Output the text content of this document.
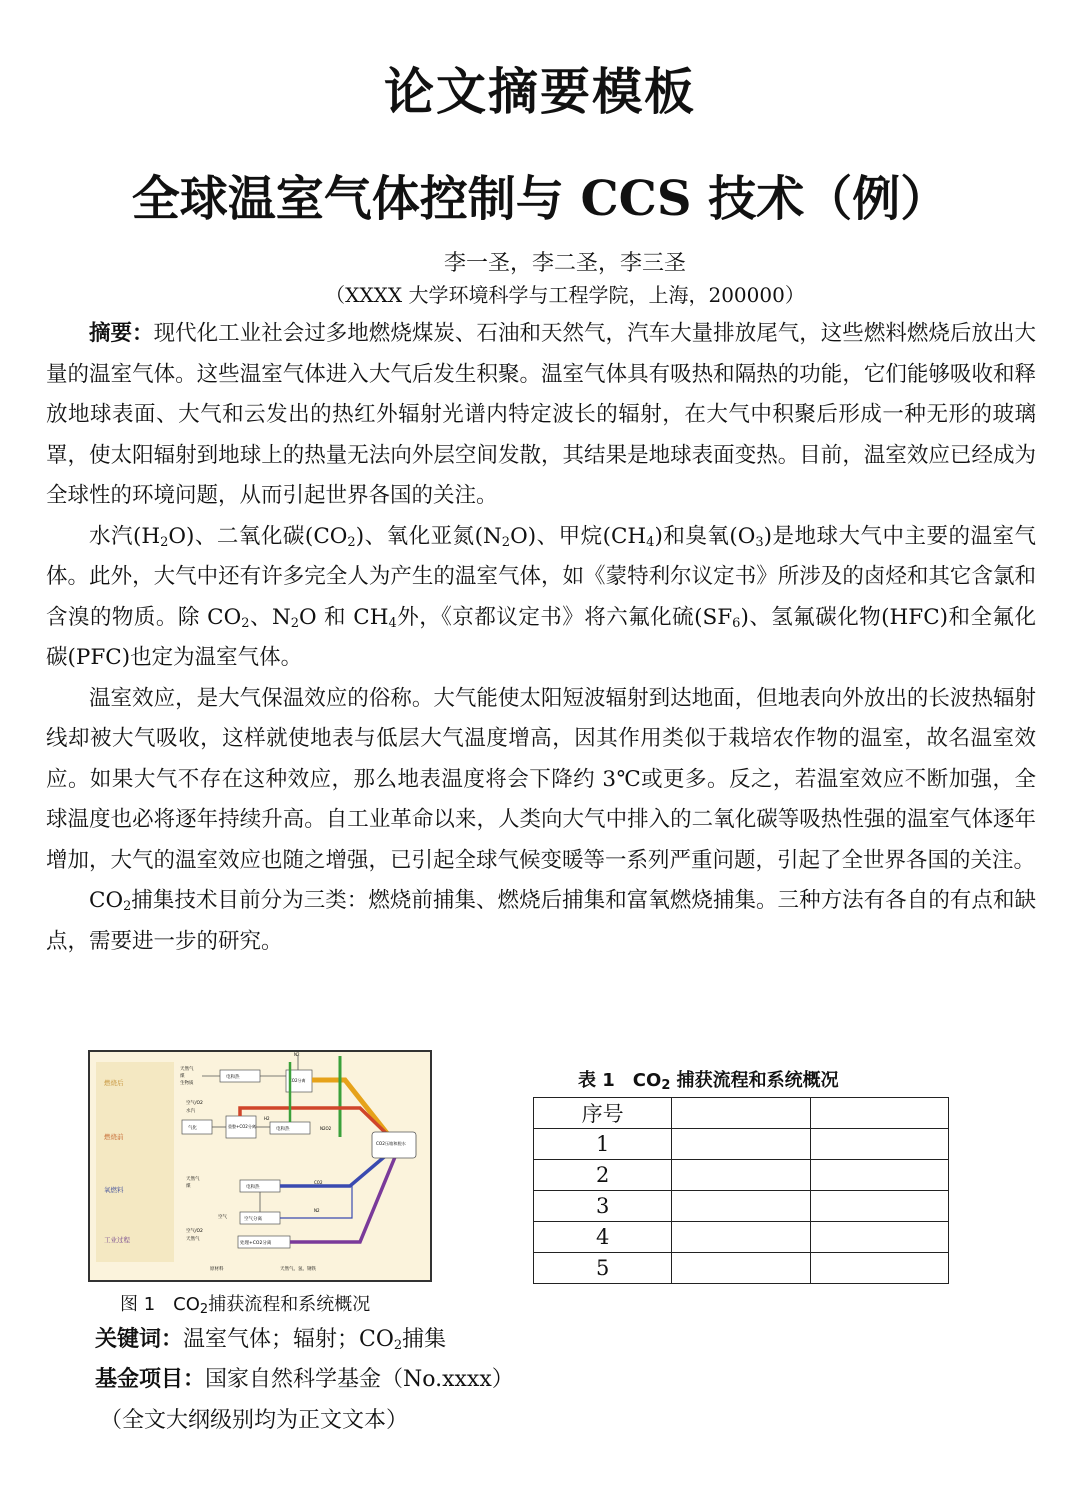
论文摘要模板
全球温室气体控制与 CCS 技术（例）
李一圣，李二圣，李三圣
（XXXX 大学环境科学与工程学院，上海，200000）

摘要：现代化工业社会过多地燃烧煤炭、石油和天然气，汽车大量排放尾气，这些燃料燃烧后放出大量的温室气体。这些温室气体进入大气后发生积聚。温室气体具有吸热和隔热的功能，它们能够吸收和释放地球表面、大气和云发出的热红外辐射光谱内特定波长的辐射，在大气中积聚后形成一种无形的玻璃罩，使太阳辐射到地球上的热量无法向外层空间发散，其结果是地球表面变热。目前，温室效应已经成为全球性的环境问题，从而引起世界各国的关注。

水汽$(H_2O)$、二氧化碳$(CO_2)$、氧化亚氮$(N_2O)$、甲烷$(CH_4)$和臭氧$(O_3)$是地球大气中主要的温室气体。此外，大气中还有许多完全人为产生的温室气体，如《蒙特利尔议定书》所涉及的卤烃和其它含氯和含溴的物质。除 $CO_2$、$N_2O$ 和 $CH_4$外，《京都议定书》将六氟化硫$(SF_6)$、氢氟碳化物(HFC)和全氟化碳(PFC)也定为温室气体。

温室效应，是大气保温效应的俗称。大气能使太阳短波辐射到达地面，但地表向外放出的长波热辐射线却被大气吸收，这样就使地表与低层大气温度增高，因其作用类似于栽培农作物的温室，故名温室效应。如果大气不存在这种效应，那么地表温度将会下降约 3℃或更多。反之，若温室效应不断加强，全球温度也必将逐年持续升高。自工业革命以来，人类向大气中排入的二氧化碳等吸热性强的温室气体逐年增加，大气的温室效应也随之增强，已引起全球气候变暖等一系列严重问题，引起了全世界各国的关注。

$CO_2$捕集技术目前分为三类：燃烧前捕集、燃烧后捕集和富氧燃烧捕集。三种方法有各自的有点和缺点，需要进一步的研究。

燃烧后
燃烧前
氧燃料
工业过程
天然气
煤
生物质
电和热
CO2分离
N2
空气/O2
水汽
气化	重整+CO2分离
电和热
H2
N2O2
天然气
煤	电和热
空气分离
空气
CO2
N2
空气/O2
天然气
处理+CO2分离
原材料	天然气、氢、钢铁
CO2压缩和脱水
图 1　$CO_2$捕获流程和系统概况
表 1　$CO_2$ 捕获流程和系统概况
序号		
1		
2		
3		
4		
5		
关键词：温室气体；辐射；$CO_2$捕集
基金项目：国家自然科学基金（No.xxxx）
（全文大纲级别均为正文文本）
